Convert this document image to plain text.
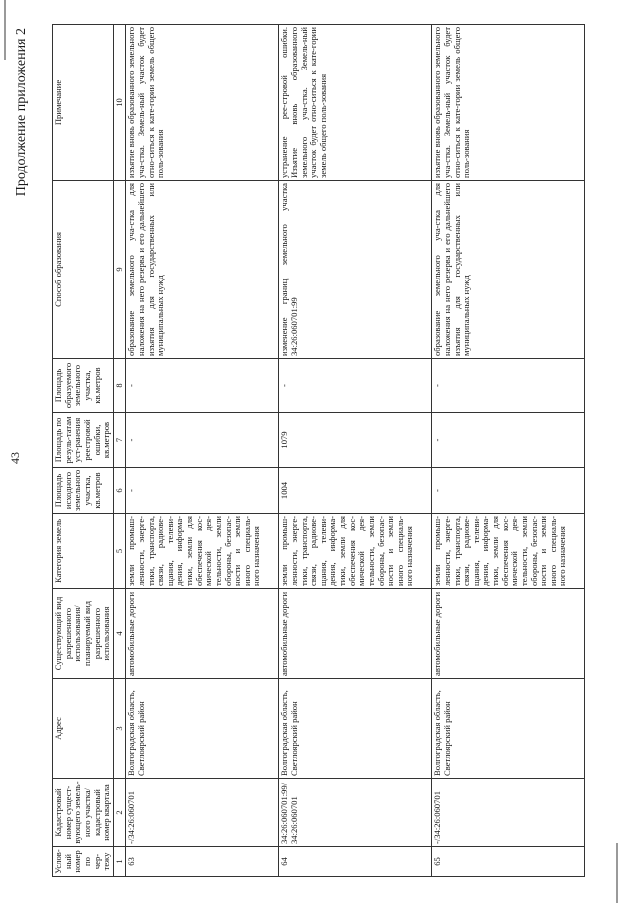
43
Продолжение приложения 2
Услов-ный номер по чер-тежу	Кадастровый номер сущест-вующего земель-ного участка/ кадастровый номер квартала	Адрес	Существующий вид разрешенного использования/ планируемый вид разрешенного использования	Категория земель	Площадь исходного земельного участка, кв.метров	Площадь по резуль-татам уст-ранения реестровой ошибки, кв.метров	Площадь образуемого земельного участка, кв.метров	Способ образования	Примечание
1	2	3	4	5	6	7	8	9	10
63	-/34:26:060701	Волгоградская область, Светлоярский район	автомобильные дороги	земли промыш-ленности, энерге-тики, транспорта, связи, радиове-щания, телеви-дения, информа-тики, земли для обеспечения кос-мической дея-тельности, земли обороны, безопас-ности и земли иного специаль-ного назначения	-	-	-	образование земельного уча-стка для наложения на него резерва и его дальнейшего изъятия для государственных или муниципальных нужд	изъятие вновь образованного земельного уча-стка. Земель-ный участок будет отно-ситься к кате-гории земель общего поль-зования
64	34:26:060701:99/ 34:26:060701	Волгоградская область, Светлоярский район	автомобильные дороги	земли промыш-ленности, энерге-тики, транспорта, связи, радиове-щания, телеви-дения, информа-тики, земли для обеспечения кос-мической дея-тельности, земли обороны, безопас-ности и земли иного специаль-ного назначения	1004	1079	-	изменение границ земельного участка 34:26:060701:99	устранение рее-стровой ошибки. Изъятие вновь образованного земельного уча-стка. Земель-ный участок будет отно-ситься к кате-гории земель общего поль-зования
65	-/34:26:060701	Волгоградская область, Светлоярский район	автомобильные дороги	земли промыш-ленности, энерге-тики, транспорта, связи, радиове-щания, телеви-дения, информа-тики, земли для обеспечения кос-мической дея-тельности, земли обороны, безопас-ности и земли иного специаль-ного назначения	-	-	-	образование земельного уча-стка для наложения на него резерва и его дальнейшего изъятия для государственных или муниципальных нужд	изъятие вновь образованного земельного уча-стка. Земель-ный участок будет отно-ситься к кате-гории земель общего поль-зования
